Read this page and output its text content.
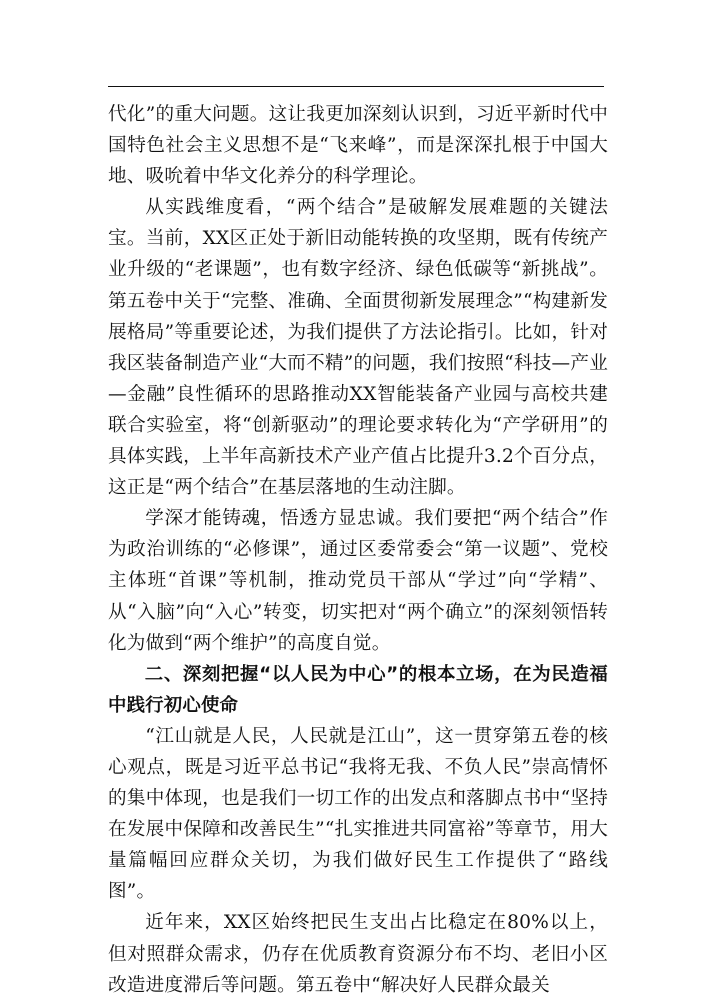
代化”的重大问题。这让我更加深刻认识到，习近平新时代中国特色社会主义思想不是“飞来峰”，而是深深扎根于中国大地、吸吮着中华文化养分的科学理论。

从实践维度看，“两个结合”是破解发展难题的关键法宝。当前，XX区正处于新旧动能转换的攻坚期，既有传统产业升级的“老课题”，也有数字经济、绿色低碳等“新挑战”。第五卷中关于“完整、准确、全面贯彻新发展理念”“构建新发展格局”等重要论述，为我们提供了方法论指引。比如，针对我区装备制造产业“大而不精”的问题，我们按照“科技—产业—金融”良性循环的思路推动XX智能装备产业园与高校共建联合实验室，将“创新驱动”的理论要求转化为“产学研用”的具体实践，上半年高新技术产业产值占比提升3.2个百分点，这正是“两个结合”在基层落地的生动注脚。

学深才能铸魂，悟透方显忠诚。我们要把“两个结合”作为政治训练的“必修课”，通过区委常委会“第一议题”、党校主体班“首课”等机制，推动党员干部从“学过”向“学精”、从“入脑”向“入心”转变，切实把对“两个确立”的深刻领悟转化为做到“两个维护”的高度自觉。

二、深刻把握“以人民为中心”的根本立场，在为民造福中践行初心使命

“江山就是人民，人民就是江山”，这一贯穿第五卷的核心观点，既是习近平总书记“我将无我、不负人民”崇高情怀的集中体现，也是我们一切工作的出发点和落脚点书中“坚持在发展中保障和改善民生”“扎实推进共同富裕”等章节，用大量篇幅回应群众关切，为我们做好民生工作提供了“路线图”。

近年来，XX区始终把民生支出占比稳定在80%以上，但对照群众需求，仍存在优质教育资源分布不均、老旧小区改造进度滞后等问题。第五卷中“解决好人民群众最关
